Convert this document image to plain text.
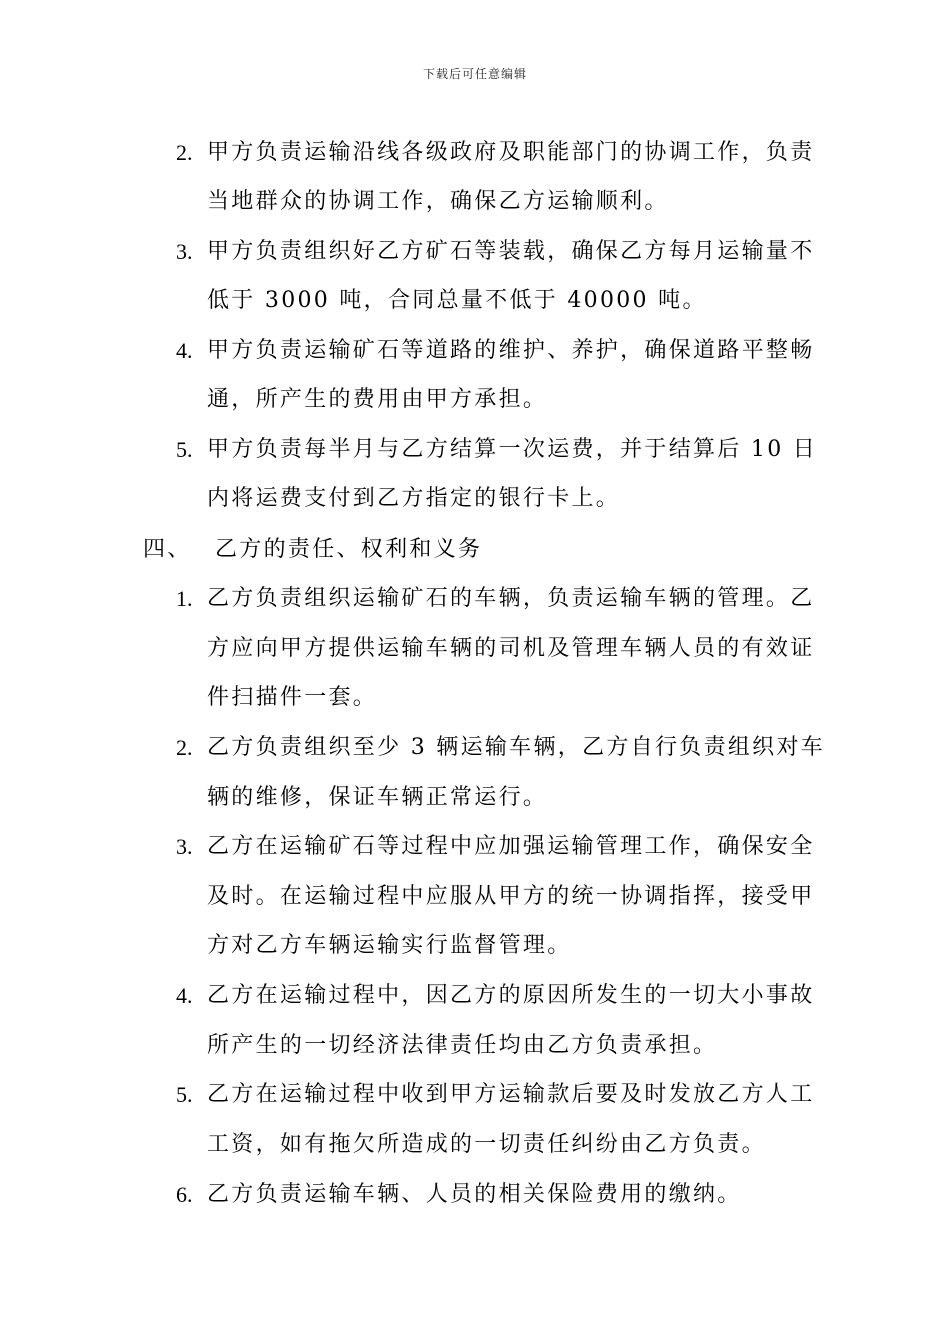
下载后可任意编辑
2. 甲方负责运输沿线各级政府及职能部门的协调工作，负责
当地群众的协调工作，确保乙方运输顺利。
3. 甲方负责组织好乙方矿石等装载，确保乙方每月运输量不
低于 3000 吨，合同总量不低于 40000 吨。
4. 甲方负责运输矿石等道路的维护、养护，确保道路平整畅
通，所产生的费用由甲方承担。
5. 甲方负责每半月与乙方结算一次运费，并于结算后 10 日
内将运费支付到乙方指定的银行卡上。
四、 乙方的责任、权利和义务
1. 乙方负责组织运输矿石的车辆，负责运输车辆的管理。乙
方应向甲方提供运输车辆的司机及管理车辆人员的有效证
件扫描件一套。
2. 乙方负责组织至少 3 辆运输车辆，乙方自行负责组织对车
辆的维修，保证车辆正常运行。
3. 乙方在运输矿石等过程中应加强运输管理工作，确保安全
及时。在运输过程中应服从甲方的统一协调指挥，接受甲
方对乙方车辆运输实行监督管理。
4. 乙方在运输过程中，因乙方的原因所发生的一切大小事故
所产生的一切经济法律责任均由乙方负责承担。
5. 乙方在运输过程中收到甲方运输款后要及时发放乙方人工
工资，如有拖欠所造成的一切责任纠纷由乙方负责。
6. 乙方负责运输车辆、人员的相关保险费用的缴纳。
